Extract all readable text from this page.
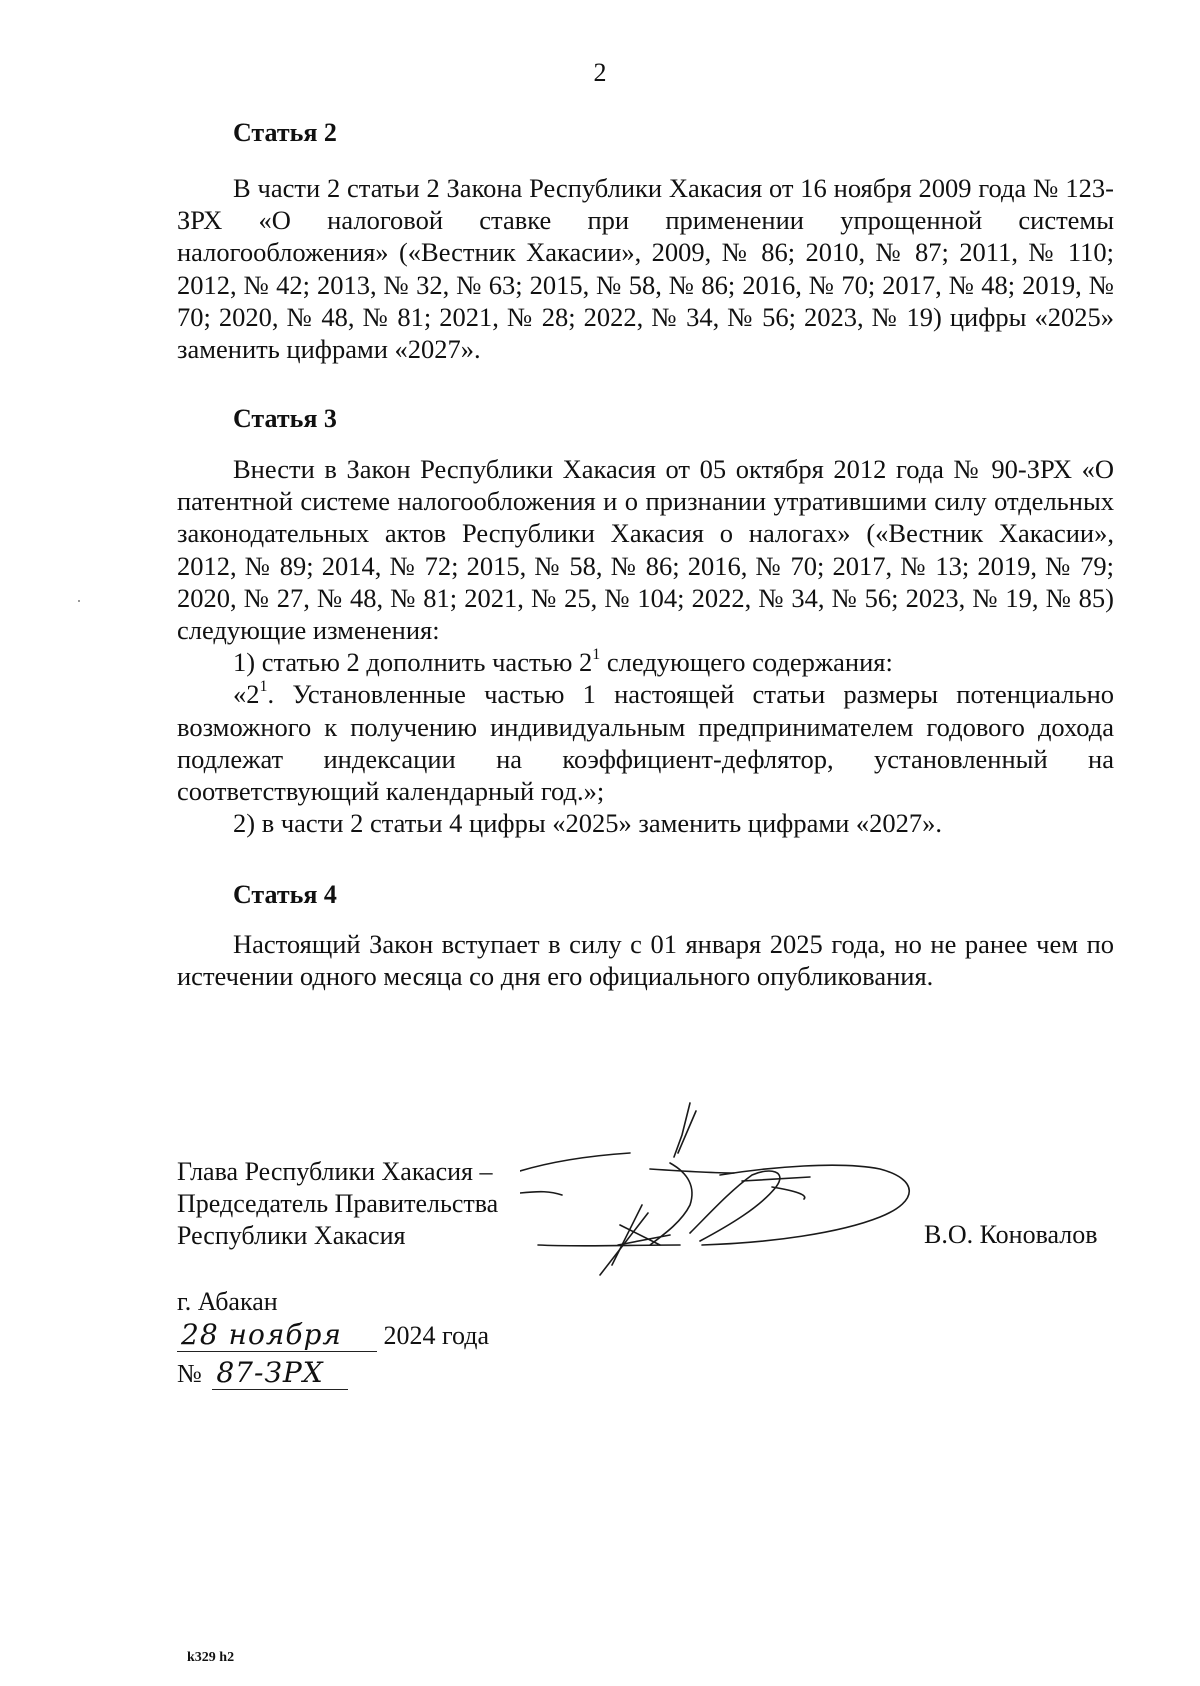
2
Статья 2

В части 2 статьи 2 Закона Республики Хакасия от 16 ноября 2009 года № 123-ЗРХ «О налоговой ставке при применении упрощенной системы налогообложения» («Вестник Хакасии», 2009, № 86; 2010, № 87; 2011, № 110; 2012, № 42; 2013, № 32, № 63; 2015, № 58, № 86; 2016, № 70; 2017, № 48; 2019, № 70; 2020, № 48, № 81; 2021, № 28; 2022, № 34, № 56; 2023, № 19) цифры «2025» заменить цифрами «2027».

Статья 3

Внести в Закон Республики Хакасия от 05 октября 2012 года № 90-ЗРХ «О патентной системе налогообложения и о признании утратившими силу отдельных законодательных актов Республики Хакасия о налогах» («Вестник Хакасии», 2012, № 89; 2014, № 72; 2015, № 58, № 86; 2016, № 70; 2017, № 13; 2019, № 79; 2020, № 27, № 48, № 81; 2021, № 25, № 104; 2022, № 34, № 56; 2023, № 19, № 85) следующие изменения:

1) статью 2 дополнить частью $2^1$ следующего содержания:

«$2^1$. Установленные частью 1 настоящей статьи размеры потенциально возможного к получению индивидуальным предпринимателем годового дохода подлежат индексации на коэффициент-дефлятор, установленный на соответствующий календарный год.»;

2) в части 2 статьи 4 цифры «2025» заменить цифрами «2027».

Статья 4

Настоящий Закон вступает в силу с 01 января 2025 года, но не ранее чем по истечении одного месяца со дня его официального опубликования.

Глава Республики Хакасия –
Председатель Правительства
Республики Хакасия	В.О. Коновалов
г. Абакан
28 ноября 2024 года
№ 87-ЗРХ
k329 h2
